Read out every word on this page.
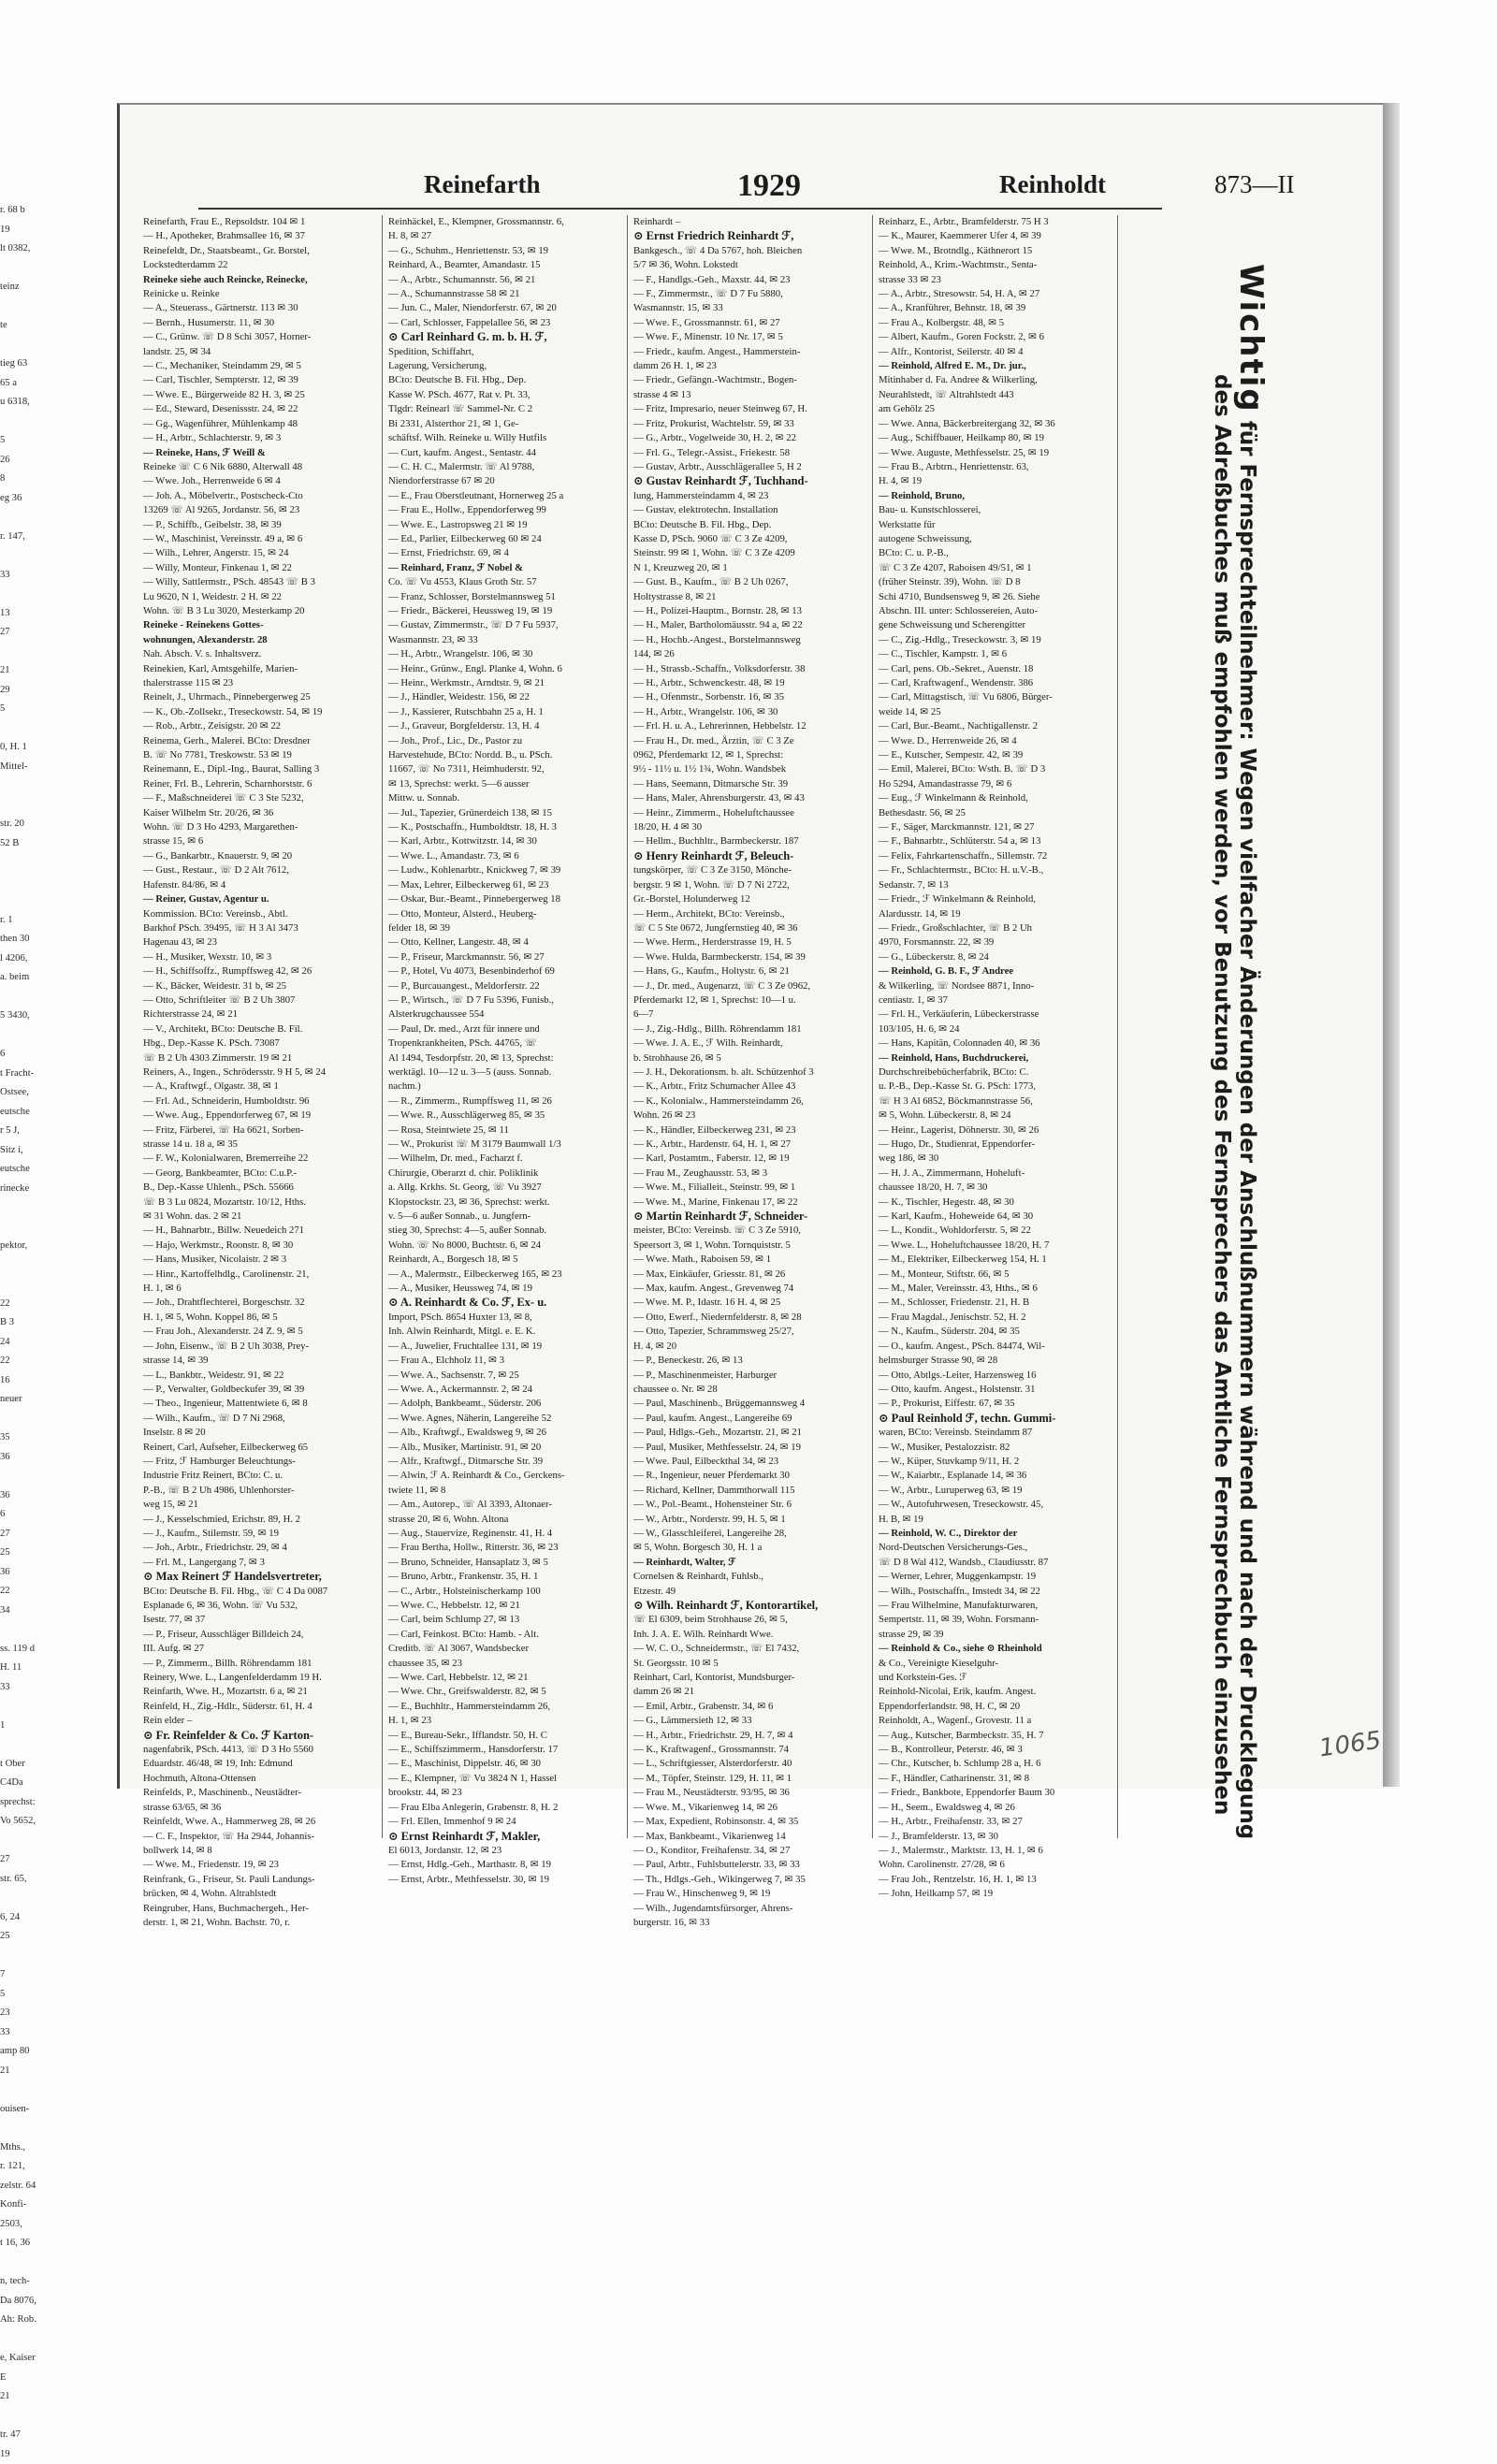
r. 68 b
19
lt 0382,

teinz

te

tieg 63
65 a
u 6318,

5
26
8
eg 36

r. 147,

33

13
27

21
29
5

0, H. 1
Mittel-

str. 20
52 B

r. 1
then 30
l 4206,
a. beim

5 3430,

6
t Fracht-
Ostsee,
eutsche
r 5 J,
Sitz i,
eutsche
rinecke

pektor,

22
B 3
24
22
16
neuer

35
36

36
6
27
25
36
22
34

ss. 119 d
H. 11
33

1

t Ober
C4Da
sprechst:
Vo 5652,

27
str. 65,

6, 24
25

7
5
23
33
amp 80
21

ouisen-

Mths.,
r. 121,
zelstr. 64
Konfi-
2503,
t 16, 36

n, tech-
Da 8076,
Ah: Rob.

e, Kaiser
E
21

tr. 47
19
Reinefarth	1929	Reinholdt	873—II

Reinefarth, Frau E., Repsoldstr. 104 ✉ 1

— H., Apotheker, Brahmsallee 16, ✉ 37

Reinefeldt, Dr., Staatsbeamt., Gr. Borstel,

Lockstedterdamm 22

Reineke siehe auch Reincke, Reinecke,

Reinicke u. Reinke

— A., Steuerass., Gärtnerstr. 113 ✉ 30

— Bernh., Husumerstr. 11, ✉ 30

— C., Grünw. ☏ D 8 Schi 3057, Horner-

landstr. 25, ✉ 34

— C., Mechaniker, Steindamm 29, ✉ 5

— Carl, Tischler, Sempterstr. 12, ✉ 39

— Wwe. E., Bürgerweide 82 H. 3, ✉ 25

— Ed., Steward, Desenissstr. 24, ✉ 22

— Gg., Wagenführer, Mühlenkamp 48

— H., Arbtr., Schlachterstr. 9, ✉ 3

— Reineke, Hans, ℱ Weill &

Reineke ☏ C 6 Nik 6880, Alterwall 48

— Wwe. Joh., Herrenweide 6 ✉ 4

— Joh. A., Möbelvertr., Postscheck-Cto

13269 ☏ Al 9265, Jordanstr. 56, ✉ 23

— P., Schiffb., Geibelstr. 38, ✉ 39

— W., Maschinist, Vereinsstr. 49 a, ✉ 6

— Wilh., Lehrer, Angerstr. 15, ✉ 24

— Willy, Monteur, Finkenau 1, ✉ 22

— Willy, Sattlermstr., PSch. 48543 ☏ B 3

Lu 9620, N 1, Weidestr. 2 H. ✉ 22

Wohn. ☏ B 3 Lu 3020, Mesterkamp 20

Reineke - Reinekens Gottes-

wohnungen, Alexanderstr. 28

Nah. Absch. V. s. Inhaltsverz.

Reinekien, Karl, Amtsgehilfe, Marien-

thalerstrasse 115 ✉ 23

Reinelt, J., Uhrmach., Pinnebergerweg 25

— K., Ob.-Zollsekr., Treseckowstr. 54, ✉ 19

— Rob., Arbtr., Zeisigstr. 20 ✉ 22

Reinema, Gerh., Malerei. BCto: Dresdner

B. ☏ No 7781, Treskowstr. 53 ✉ 19

Reinemann, E., Dipl.-Ing., Baurat, Salling 3

Reiner, Frl. B., Lehrerin, Scharnhorststr. 6

— F., Maßschneiderei ☏ C 3 Ste 5232,

Kaiser Wilhelm Str. 20/26, ✉ 36

Wohn. ☏ D 3 Ho 4293, Margarethen-

strasse 15, ✉ 6

— G., Bankarbtr., Knauerstr. 9, ✉ 20

— Gust., Restaur., ☏ D 2 Alt 7612,

Hafenstr. 84/86, ✉ 4

— Reiner, Gustav, Agentur u.

Kommission. BCto: Vereinsb., Abtl.

Barkhof PSch. 39495, ☏ H 3 Al 3473

Hagenau 43, ✉ 23

— H., Musiker, Wexstr. 10, ✉ 3

— H., Schiffsoffz., Rumpffsweg 42, ✉ 26

— K., Bäcker, Weidestr. 31 b, ✉ 25

— Otto, Schriftleiter ☏ B 2 Uh 3807

Richterstrasse 24, ✉ 21

— V., Architekt, BCto: Deutsche B. Fil.

Hbg., Dep.-Kasse K. PSch. 73087

☏ B 2 Uh 4303 Zimmerstr. 19 ✉ 21

Reiners, A., Ingen., Schrödersstr. 9 H 5, ✉ 24

— A., Kraftwgf., Olgastr. 38, ✉ 1

— Frl. Ad., Schneiderin, Humboldtstr. 96

— Wwe. Aug., Eppendorferweg 67, ✉ 19

— Fritz, Färberei, ☏ Ha 6621, Sorben-

strasse 14 u. 18 a, ✉ 35

— F. W., Kolonialwaren, Bremerreihe 22

— Georg, Bankbeamter, BCto: C.u.P.-

B., Dep.-Kasse Uhlenh., PSch. 55666

☏ B 3 Lu 0824, Mozartstr. 10/12, Hths.

✉ 31 Wohn. das. 2 ✉ 21

— H., Bahnarbtr., Billw. Neuedeich 271

— Hajo, Werkmstr., Roonstr. 8, ✉ 30

— Hans, Musiker, Nicolaistr. 2 ✉ 3

— Hinr., Kartoffelhdlg., Carolinenstr. 21,

H. 1, ✉ 6

— Joh., Drahtflechterei, Borgeschstr. 32

H. 1, ✉ 5, Wohn. Koppel 86, ✉ 5

— Frau Joh., Alexanderstr. 24 Z. 9, ✉ 5

— John, Eisenw., ☏ B 2 Uh 3038, Prey-

strasse 14, ✉ 39

— L., Bankbtr., Weidestr. 91, ✉ 22

— P., Verwalter, Goldbeckufer 39, ✉ 39

— Theo., Ingenieur, Mattentwiete 6, ✉ 8

— Wilh., Kaufm., ☏ D 7 Ni 2968,

Inselstr. 8 ✉ 20

Reinert, Carl, Aufseher, Eilbeckerweg 65

— Fritz, ℱ Hamburger Beleuchtungs-

Industrie Fritz Reinert, BCto: C. u.

P.-B., ☏ B 2 Uh 4986, Uhlenhorster-

weg 15, ✉ 21

— J., Kesselschmied, Erichstr. 89, H. 2

— J., Kaufm., Stilemstr. 59, ✉ 19

— Joh., Arbtr., Friedrichstr. 29, ✉ 4

— Frl. M., Langergang 7, ✉ 3

⊙ Max Reinert ℱ Handelsvertreter,

BCto: Deutsche B. Fil. Hbg., ☏ C 4 Da 0087

Esplanade 6, ✉ 36, Wohn. ☏ Vu 532,

Isestr. 77, ✉ 37

— P., Friseur, Ausschläger Billdeich 24,

III. Aufg. ✉ 27

— P., Zimmerm., Billh. Röhrendamm 181

Reinery, Wwe. L., Langenfelderdamm 19 H.

Reinfarth, Wwe. H., Mozartstr. 6 a, ✉ 21

Reinfeld, H., Zig.-Hdlr., Süderstr. 61, H. 4

Rein elder –

⊙ Fr. Reinfelder & Co. ℱ Karton-

nagenfabrik, PSch. 4413, ☏ D 3 Ho 5560

Eduardstr. 46/48, ✉ 19, Inh: Edmund

Hochmuth, Altona-Ottensen

Reinfelds, P., Maschinenb., Neustädter-

strasse 63/65, ✉ 36

Reinfeldt, Wwe. A., Hammerweg 28, ✉ 26

— C. F., Inspektor, ☏ Ha 2944, Johannis-

bollwerk 14, ✉ 8

— Wwe. M., Friedenstr. 19, ✉ 23

Reinfrank, G., Friseur, St. Pauli Landungs-

brücken, ✉ 4, Wohn. Altrahlstedt

Reingruber, Hans, Buchmachergeh., Her-

derstr. 1, ✉ 21, Wohn. Bachstr. 70, r.

Reinhäckel, E., Klempner, Grossmannstr. 6,

H. 8, ✉ 27

— G., Schuhm., Henriettenstr. 53, ✉ 19

Reinhard, A., Beamter, Amandastr. 15

— A., Arbtr., Schumannstr. 56, ✉ 21

— A., Schumannstrasse 58 ✉ 21

— Jun. C., Maler, Niendorferstr. 67, ✉ 20

— Carl, Schlosser, Fappelallee 56, ✉ 23

⊙ Carl Reinhard G. m. b. H. ℱ,

Spedition, Schiffahrt,

Lagerung, Versicherung,

BCto: Deutsche B. Fil. Hbg., Dep.

Kasse W. PSch. 4677, Rat v. Pt. 33,

Tlgdr: Reinearl ☏ Sammel-Nr. C 2

Bi 2331, Alsterthor 21, ✉ 1, Ge-

schäftsf. Wilh. Reineke u. Willy Hutfils

— Curt, kaufm. Angest., Sentastr. 44

— C. H. C., Malermstr. ☏ Al 9788,

Niendorferstrasse 67 ✉ 20

— E., Frau Oberstleutnant, Hornerweg 25 a

— Frau E., Hollw., Eppendorferweg 99

— Wwe. E., Lastropsweg 21 ✉ 19

— Ed., Parlier, Eilbeckerweg 60 ✉ 24

— Ernst, Friedrichstr. 69, ✉ 4

— Reinhard, Franz, ℱ Nobel &

Co. ☏ Vu 4553, Klaus Groth Str. 57

— Franz, Schlosser, Borstelmannsweg 51

— Friedr., Bäckerei, Heussweg 19, ✉ 19

— Gustav, Zimmermstr., ☏ D 7 Fu 5937,

Wasmannstr. 23, ✉ 33

— H., Arbtr., Wrangelstr. 106, ✉ 30

— Heinr., Grünw., Engl. Planke 4, Wohn. 6

— Heinr., Werkmstr., Arndtstr. 9, ✉ 21

— J., Händler, Weidestr. 156, ✉ 22

— J., Kassierer, Rutschbahn 25 a, H. 1

— J., Graveur, Borgfelderstr. 13, H. 4

— Joh., Prof., Lic., Dr., Pastor zu

Harvestehude, BCto: Nordd. B., u. PSch.

11667, ☏ No 7311, Heimhuderstr. 92,

✉ 13, Sprechst: werkt. 5—6 ausser

Mittw. u. Sonnab.

— Jul., Tapezier, Grünerdeich 138, ✉ 15

— K., Postschaffn., Humboldtstr. 18, H. 3

— Karl, Arbtr., Kottwitzstr. 14, ✉ 30

— Wwe. L., Amandastr. 73, ✉ 6

— Ludw., Kohlenarbtr., Knickweg 7, ✉ 39

— Max, Lehrer, Eilbeckerweg 61, ✉ 23

— Oskar, Bur.-Beamt., Pinnebergerweg 18

— Otto, Monteur, Alsterd., Heuberg-

felder 18, ✉ 39

— Otto, Kellner, Langestr. 48, ✉ 4

— P., Friseur, Marckmannstr. 56, ✉ 27

— P., Hotel, Vu 4073, Besenbinderhof 69

— P., Burcauangest., Meldorferstr. 22

— P., Wirtsch., ☏ D 7 Fu 5396, Funisb.,

Alsterkrugchaussee 554

— Paul, Dr. med., Arzt für innere und

Tropenkrankheiten, PSch. 44765, ☏

Al 1494, Tesdorpfstr. 20, ✉ 13, Sprechst:

werktägl. 10—12 u. 3—5 (auss. Sonnab.

nachm.)

— R., Zimmerm., Rumpffsweg 11, ✉ 26

— Wwe. R., Ausschlägerweg 85, ✉ 35

— Rosa, Steintwiete 25, ✉ 11

— W., Prokurist ☏ M 3179 Baumwall 1/3

— Wilhelm, Dr. med., Facharzt f.

Chirurgie, Oberarzt d. chir. Poliklinik

a. Allg. Krkhs. St. Georg, ☏ Vu 3927

Klopstockstr. 23, ✉ 36, Sprechst: werkt.

v. 5—6 außer Sonnab., u. Jungfern-

stieg 30, Sprechst: 4—5, außer Sonnab.

Wohn. ☏ No 8000, Buchtstr. 6, ✉ 24

Reinhardt, A., Borgesch 18, ✉ 5

— A., Malermstr., Eilbeckerweg 165, ✉ 23

— A., Musiker, Heussweg 74, ✉ 19

⊙ A. Reinhardt & Co. ℱ, Ex- u.

Import, PSch. 8654 Huxter 13, ✉ 8,

Inh. Alwin Reinhardt, Mitgl. e. E. K.

— A., Juwelier, Fruchtallee 131, ✉ 19

— Frau A., Elchholz 11, ✉ 3

— Wwe. A., Sachsenstr. 7, ✉ 25

— Wwe. A., Ackermannstr. 2, ✉ 24

— Adolph, Bankbeamt., Süderstr. 206

— Wwe. Agnes, Näherin, Langereihe 52

— Alb., Kraftwgf., Ewaldsweg 9, ✉ 26

— Alb., Musiker, Martinistr. 91, ✉ 20

— Alfr., Kraftwgf., Ditmarsche Str. 39

— Alwin, ℱ A. Reinhardt & Co., Gerckens-

twiete 11, ✉ 8

— Am., Autorep., ☏ Al 3393, Altonaer-

strasse 20, ✉ 6, Wohn. Altona

— Aug., Stauervize, Reginenstr. 41, H. 4

— Frau Bertha, Hollw., Ritterstr. 36, ✉ 23

— Bruno, Schneider, Hansaplatz 3, ✉ 5

— Bruno, Arbtr., Frankenstr. 35, H. 1

— C., Arbtr., Holsteinischerkamp 100

— Wwe. C., Hebbelstr. 12, ✉ 21

— Carl, beim Schlump 27, ✉ 13

— Carl, Feinkost. BCto: Hamb. - Alt.

Creditb. ☏ Al 3067, Wandsbecker

chaussee 35, ✉ 23

— Wwe. Carl, Hebbelstr. 12, ✉ 21

— Wwe. Chr., Greifswalderstr. 82, ✉ 5

— E., Buchhltr., Hammersteindamm 26,

H. 1, ✉ 23

— E., Bureau-Sekr., Ifflandstr. 50, H. C

— E., Schiffszimmerm., Hansdorferstr. 17

— E., Maschinist, Dippelstr. 46, ✉ 30

— E., Klempner, ☏ Vu 3824 N 1, Hassel

brookstr. 44, ✉ 23

— Frau Elba Anlegerin, Grabenstr. 8, H. 2

— Frl. Ellen, Immenhof 9 ✉ 24

⊙ Ernst Reinhardt ℱ, Makler,

El 6013, Jordanstr. 12, ✉ 23

— Ernst, Hdlg.-Geh., Marthastr. 8, ✉ 19

— Ernst, Arbtr., Methfesselstr. 30, ✉ 19

Reinhardt –

⊙ Ernst Friedrich Reinhardt ℱ,

Bankgesch., ☏ 4 Da 5767, hoh. Bleichen

5/7 ✉ 36, Wohn. Lokstedt

— F., Handlgs.-Geh., Maxstr. 44, ✉ 23

— F., Zimmermstr., ☏ D 7 Fu 5880,

Wasmannstr. 15, ✉ 33

— Wwe. F., Grossmannstr. 61, ✉ 27

— Wwe. F., Minenstr. 10 Nr. 17, ✉ 5

— Friedr., kaufm. Angest., Hammerstein-

damm 26 H. 1, ✉ 23

— Friedr., Gefängn.-Wachtmstr., Bogen-

strasse 4 ✉ 13

— Fritz, Impresario, neuer Steinweg 67, H.

— Fritz, Prokurist, Wachtelstr. 59, ✉ 33

— G., Arbtr., Vogelweide 30, H. 2, ✉ 22

— Frl. G., Telegr.-Assist., Friekestr. 58

— Gustav, Arbtr., Ausschlägerallee 5, H 2

⊙ Gustav Reinhardt ℱ, Tuchhand-

lung, Hammersteindamm 4, ✉ 23

— Gustav, elektrotechn. Installation

BCto: Deutsche B. Fil. Hbg., Dep.

Kasse D, PSch. 9060 ☏ C 3 Ze 4209,

Steinstr. 99 ✉ 1, Wohn. ☏ C 3 Ze 4209

N 1, Kreuzweg 20, ✉ 1

— Gust. B., Kaufm., ☏ B 2 Uh 0267,

Holtystrasse 8, ✉ 21

— H., Polizei-Hauptm., Bornstr. 28, ✉ 13

— H., Maler, Bartholomäusstr. 94 a, ✉ 22

— H., Hochb.-Angest., Borstelmannsweg

144, ✉ 26

— H., Strassb.-Schaffn., Volksdorferstr. 38

— H., Arbtr., Schwenckestr. 48, ✉ 19

— H., Ofenmstr., Sorbenstr. 16, ✉ 35

— H., Arbtr., Wrangelstr. 106, ✉ 30

— Frl. H. u. A., Lehrerinnen, Hebbelstr. 12

— Frau H., Dr. med., Ärztin, ☏ C 3 Ze

0962, Pferdemarkt 12, ✉ 1, Sprechst:

9½ - 11½ u. 1½ 1¾, Wohn. Wandsbek

— Hans, Seemann, Ditmarsche Str. 39

— Hans, Maler, Ahrensburgerstr. 43, ✉ 43

— Heinr., Zimmerm., Hoheluftchaussee

18/20, H. 4 ✉ 30

— Hellm., Buchhltr., Barmbeckerstr. 187

⊙ Henry Reinhardt ℱ, Beleuch-

tungskörper, ☏ C 3 Ze 3150, Mönche-

bergstr. 9 ✉ 1, Wohn. ☏ D 7 Ni 2722,

Gr.-Borstel, Holunderweg 12

— Herm., Architekt, BCto: Vereinsb.,

☏ C 5 Ste 0672, Jungfernstieg 40, ✉ 36

— Wwe. Herm., Herderstrasse 19, H. 5

— Wwe. Hulda, Barmbeckerstr. 154, ✉ 39

— Hans, G., Kaufm., Holtystr. 6, ✉ 21

— J., Dr. med., Augenarzt, ☏ C 3 Ze 0962,

Pferdemarkt 12, ✉ 1, Sprechst: 10—1 u.

6—7

— J., Zig.-Hdlg., Billh. Röhrendamm 181

— Wwe. J. A. E., ℱ Wilh. Reinhardt,

b. Strohhause 26, ✉ 5

— J. H., Dekorationsm. b. alt. Schützenhof 3

— K., Arbtr., Fritz Schumacher Allee 43

— K., Kolonialw., Hammersteindamm 26,

Wohn. 26 ✉ 23

— K., Händler, Eilbeckerweg 231, ✉ 23

— K., Arbtr., Hardenstr. 64, H. 1, ✉ 27

— Karl, Postamtm., Faberstr. 12, ✉ 19

— Frau M., Zeughausstr. 53, ✉ 3

— Wwe. M., Filialleit., Steinstr. 99, ✉ 1

— Wwe. M., Marine, Finkenau 17, ✉ 22

⊙ Martin Reinhardt ℱ, Schneider-

meister, BCto: Vereinsb. ☏ C 3 Ze 5910,

Speersort 3, ✉ 1, Wohn. Tornquiststr. 5

— Wwe. Math., Raboisen 59, ✉ 1

— Max, Einkäufer, Griesstr. 81, ✉ 26

— Max, kaufm. Angest., Grevenweg 74

— Wwe. M. P., Idastr. 16 H. 4, ✉ 25

— Otto, Ewerf., Niedernfelderstr. 8, ✉ 28

— Otto, Tapezier, Schrammsweg 25/27,

H. 4, ✉ 20

— P., Beneckestr. 26, ✉ 13

— P., Maschinenmeister, Harburger

chaussee o. Nr. ✉ 28

— Paul, Maschinenb., Brüggemannsweg 4

— Paul, kaufm. Angest., Langereihe 69

— Paul, Hdlgs.-Geh., Mozartstr. 21, ✉ 21

— Paul, Musiker, Methfesselstr. 24, ✉ 19

— Wwe. Paul, Eilbeckthal 34, ✉ 23

— R., Ingenieur, neuer Pferdemarkt 30

— Richard, Kellner, Dammthorwall 115

— W., Pol.-Beamt., Hohensteiner Str. 6

— W., Arbtr., Norderstr. 99, H. 5, ✉ 1

— W., Glasschleiferei, Langereihe 28,

✉ 5, Wohn. Borgesch 30, H. 1 a

— Reinhardt, Walter, ℱ

Cornelsen & Reinhardt, Fuhlsb.,

Etzestr. 49

⊙ Wilh. Reinhardt ℱ, Kontorartikel,

☏ El 6309, beim Strohhause 26, ✉ 5,

Inh. J. A. E. Wilh. Reinhardt Wwe.

— W. C. O., Schneidermstr., ☏ El 7432,

St. Georgsstr. 10 ✉ 5

Reinhart, Carl, Kontorist, Mundsburger-

damm 26 ✉ 21

— Emil, Arbtr., Grabenstr. 34, ✉ 6

— G., Lämmersieth 12, ✉ 33

— H., Arbtr., Friedrichstr. 29, H. 7, ✉ 4

— K., Kraftwagenf., Grossmannstr. 74

— L., Schriftgiesser, Alsterdorferstr. 40

— M., Töpfer, Steinstr. 129, H. 11, ✉ 1

— Frau M., Neustädterstr. 93/95, ✉ 36

— Wwe. M., Vikarienweg 14, ✉ 26

— Max, Expedient, Robinsonstr. 4, ✉ 35

— Max, Bankbeamt., Vikarienweg 14

— O., Konditor, Freihafenstr. 34, ✉ 27

— Paul, Arbtr., Fuhlsbuttelerstr. 33, ✉ 33

— Th., Hdlgs.-Geh., Wikingerweg 7, ✉ 35

— Frau W., Hinschenweg 9, ✉ 19

— Wilh., Jugendamtsfürsorger, Ahrens-

burgerstr. 16, ✉ 33

Reinharz, E., Arbtr., Bramfelderstr. 75 H 3

— K., Maurer, Kaemmerer Ufer 4, ✉ 39

— Wwe. M., Brotndlg., Käthnerort 15

Reinhold, A., Krim.-Wachtmstr., Senta-

strasse 33 ✉ 23

— A., Arbtr., Stresowstr. 54, H. A, ✉ 27

— A., Kranführer, Behnstr. 18, ✉ 39

— Frau A., Kolbergstr. 48, ✉ 5

— Albert, Kaufm., Goren Fockstr. 2, ✉ 6

— Alfr., Kontorist, Seilerstr. 40 ✉ 4

— Reinhold, Alfred E. M., Dr. jur.,

Mitinhaber d. Fa. Andree & Wilkerling,

Neurahlstedt, ☏ Altrahlstedt 443

am Gehölz 25

— Wwe. Anna, Bäckerbreitergang 32, ✉ 36

— Aug., Schiffbauer, Heilkamp 80, ✉ 19

— Wwe. Auguste, Methfesselstr. 25, ✉ 19

— Frau B., Arbtrn., Henriettenstr. 63,

H. 4, ✉ 19

— Reinhold, Bruno,

Bau- u. Kunstschlosserei,

Werkstatte für

autogene Schweissung,

BCto: C. u. P.-B.,

☏ C 3 Ze 4207, Raboisen 49/51, ✉ 1

(früher Steinstr. 39), Wohn. ☏ D 8

Schi 4710, Bundsensweg 9, ✉ 26. Siehe

Abschn. III. unter: Schlossereien, Auto-

gene Schweissung und Scherengitter

— C., Zig.-Hdlg., Treseckowstr. 3, ✉ 19

— C., Tischler, Kampstr. 1, ✉ 6

— Carl, pens. Ob.-Sekret., Auenstr. 18

— Carl, Kraftwagenf., Wendenstr. 386

— Carl, Mittagstisch, ☏ Vu 6806, Bürger-

weide 14, ✉ 25

— Carl, Bur.-Beamt., Nachtigallenstr. 2

— Wwe. D., Herrenweide 26, ✉ 4

— E., Kutscher, Sempestr. 42, ✉ 39

— Emil, Malerei, BCto: Wsth. B. ☏ D 3

Ho 5294, Amandastrasse 79, ✉ 6

— Eug., ℱ Winkelmann & Reinhold,

Bethesdastr. 56, ✉ 25

— F., Säger, Marckmannstr. 121, ✉ 27

— F., Bahnarbtr., Schlüterstr. 54 a, ✉ 13

— Felix, Fahrkartenschaffn., Sillemstr. 72

— Fr., Schlachtermstr., BCto: H. u.V.-B.,

Sedanstr. 7, ✉ 13

— Friedr., ℱ Winkelmann & Reinhold,

Alardusstr. 14, ✉ 19

— Friedr., Großschlachter, ☏ B 2 Uh

4970, Forsmannstr. 22, ✉ 39

— G., Lübeckerstr. 8, ✉ 24

— Reinhold, G. B. F., ℱ Andree

& Wilkerling, ☏ Nordsee 8871, Inno-

centiastr. 1, ✉ 37

— Frl. H., Verkäuferin, Lübeckerstrasse

103/105, H. 6, ✉ 24

— Hans, Kapitän, Colonnaden 40, ✉ 36

— Reinhold, Hans, Buchdruckerei,

Durchschreibebücherfabrik, BCto: C.

u. P.-B., Dep.-Kasse St. G. PSch: 1773,

☏ H 3 Al 6852, Böckmannstrasse 56,

✉ 5, Wohn. Lübeckerstr. 8, ✉ 24

— Heinr., Lagerist, Döhnerstr. 30, ✉ 26

— Hugo, Dr., Studienrat, Eppendorfer-

weg 186, ✉ 30

— H. J. A., Zimmermann, Hoheluft-

chaussee 18/20, H. 7, ✉ 30

— K., Tischler, Hegestr. 48, ✉ 30

— Karl, Kaufm., Hoheweide 64, ✉ 30

— L., Kondit., Wohldorferstr. 5, ✉ 22

— Wwe. L., Hoheluftchaussee 18/20, H. 7

— M., Elektriker, Eilbeckerweg 154, H. 1

— M., Monteur, Stiftstr. 66, ✉ 5

— M., Maler, Vereinsstr. 43, Hths., ✉ 6

— M., Schlosser, Friedenstr. 21, H. B

— Frau Magdal., Jenischstr. 52, H. 2

— N., Kaufm., Süderstr. 204, ✉ 35

— O., kaufm. Angest., PSch. 84474, Wil-

helmsburger Strasse 90, ✉ 28

— Otto, Abtlgs.-Leiter, Harzensweg 16

— Otto, kaufm. Angest., Holstenstr. 31

— P., Prokurist, Eiffestr. 67, ✉ 35

⊙ Paul Reinhold ℱ, techn. Gummi-

waren, BCto: Vereinsb. Steindamm 87

— W., Musiker, Pestalozzistr. 82

— W., Küper, Stuvkamp 9/11, H. 2

— W., Kaiarbtr., Esplanade 14, ✉ 36

— W., Arbtr., Luruperweg 63, ✉ 19

— W., Autofuhrwesen, Treseckowstr. 45,

H. B, ✉ 19

— Reinhold, W. C., Direktor der

Nord-Deutschen Versicherungs-Ges.,

☏ D 8 Wal 412, Wandsb., Claudiusstr. 87

— Werner, Lehrer, Muggenkampstr. 19

— Wilh., Postschaffn., Imstedt 34, ✉ 22

— Frau Wilhelmine, Manufakturwaren,

Sempertstr. 11, ✉ 39, Wohn. Forsmann-

strasse 29, ✉ 39

— Reinhold & Co., siehe ⊙ Rheinhold

& Co., Vereinigte Kieselguhr-

und Korkstein-Ges. ℱ

Reinhold-Nicolai, Erik, kaufm. Angest.

Eppendorferlandstr. 98, H. C, ✉ 20

Reinholdt, A., Wagenf., Grovestr. 11 a

— Aug., Kutscher, Barmbeckstr. 35, H. 7

— B., Kontrolleur, Peterstr. 46, ✉ 3

— Chr., Kutscher, b. Schlump 28 a, H. 6

— F., Händler, Catharinenstr. 31, ✉ 8

— Friedr., Bankbote, Eppendorfer Baum 30

— H., Seem., Ewaldsweg 4, ✉ 26

— H., Arbtr., Freihafenstr. 33, ✉ 27

— J., Bramfelderstr. 13, ✉ 30

— J., Malermstr., Marktstr. 13, H. 1, ✉ 6

Wohn. Carolinenstr. 27/28, ✉ 6

— Frau Joh., Rentzelstr. 16, H. 1, ✉ 13

— John, Heilkamp 57, ✉ 19

Wichtig für Fernsprechteilnehmer: Wegen vielfacher Änderungen der Anschlußnummern während und nach der Drucklegung
des Adreßbuches muß empfohlen werden, vor Benutzung des Fernsprechers das Amtliche Fernsprechbuch einzusehen	1065
